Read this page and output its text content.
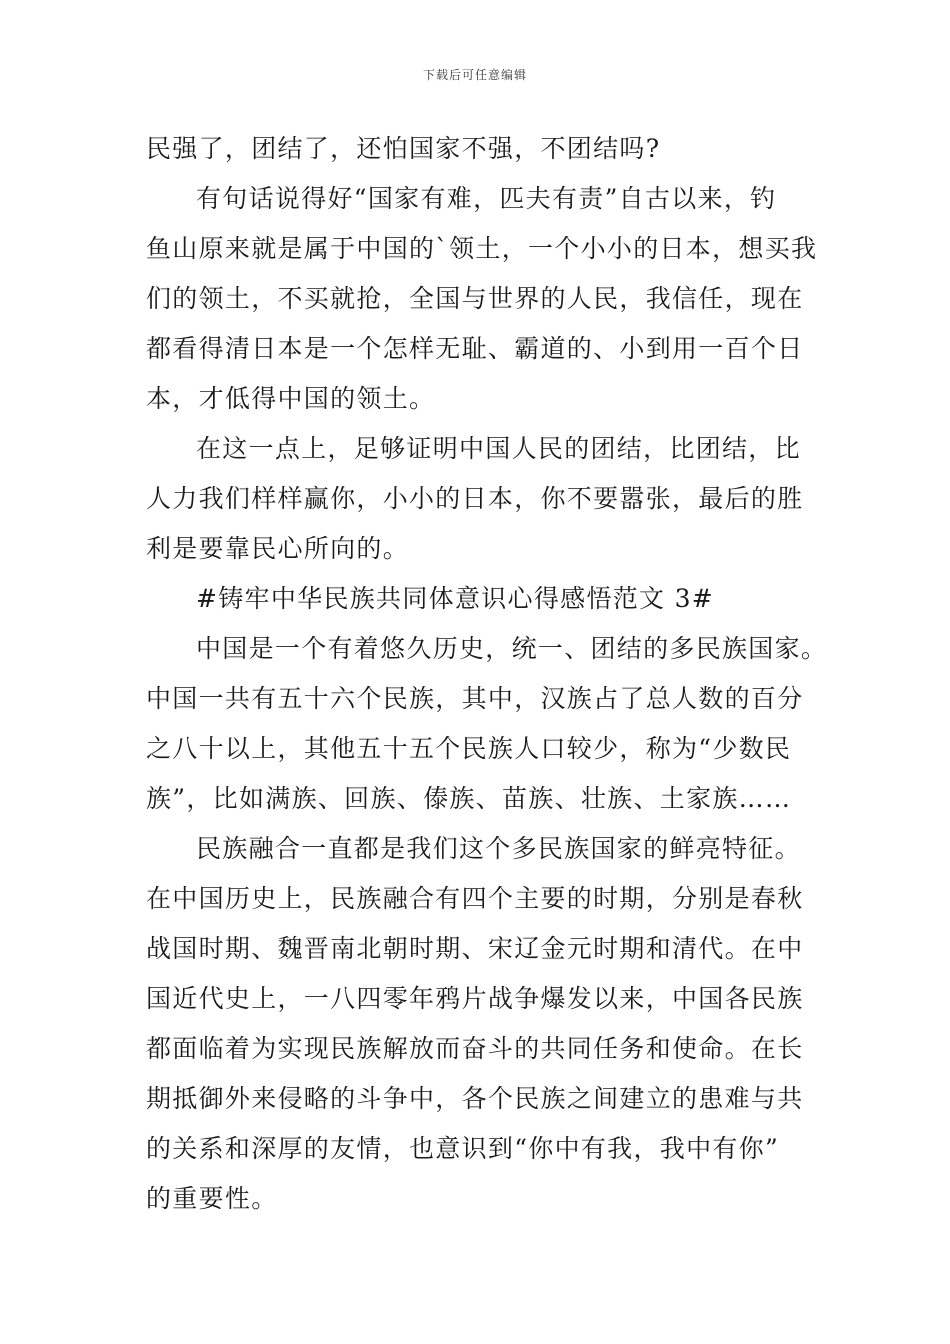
下载后可任意编辑
民强了，团结了，还怕国家不强，不团结吗?
有句话说得好“国家有难，匹夫有责”自古以来，钓
鱼山原来就是属于中国的`领土，一个小小的日本，想买我
们的领土，不买就抢，全国与世界的人民，我信任，现在
都看得清日本是一个怎样无耻、霸道的、小到用一百个日
本，才低得中国的领土。
在这一点上，足够证明中国人民的团结，比团结，比
人力我们样样赢你，小小的日本，你不要嚣张，最后的胜
利是要靠民心所向的。
#铸牢中华民族共同体意识心得感悟范文 3#
中国是一个有着悠久历史，统一、团结的多民族国家。
中国一共有五十六个民族，其中，汉族占了总人数的百分
之八十以上，其他五十五个民族人口较少，称为“少数民
族”，比如满族、回族、傣族、苗族、壮族、土家族……
民族融合一直都是我们这个多民族国家的鲜亮特征。
在中国历史上，民族融合有四个主要的时期，分别是春秋
战国时期、魏晋南北朝时期、宋辽金元时期和清代。在中
国近代史上，一八四零年鸦片战争爆发以来，中国各民族
都面临着为实现民族解放而奋斗的共同任务和使命。在长
期抵御外来侵略的斗争中，各个民族之间建立的患难与共
的关系和深厚的友情，也意识到“你中有我，我中有你”
的重要性。
